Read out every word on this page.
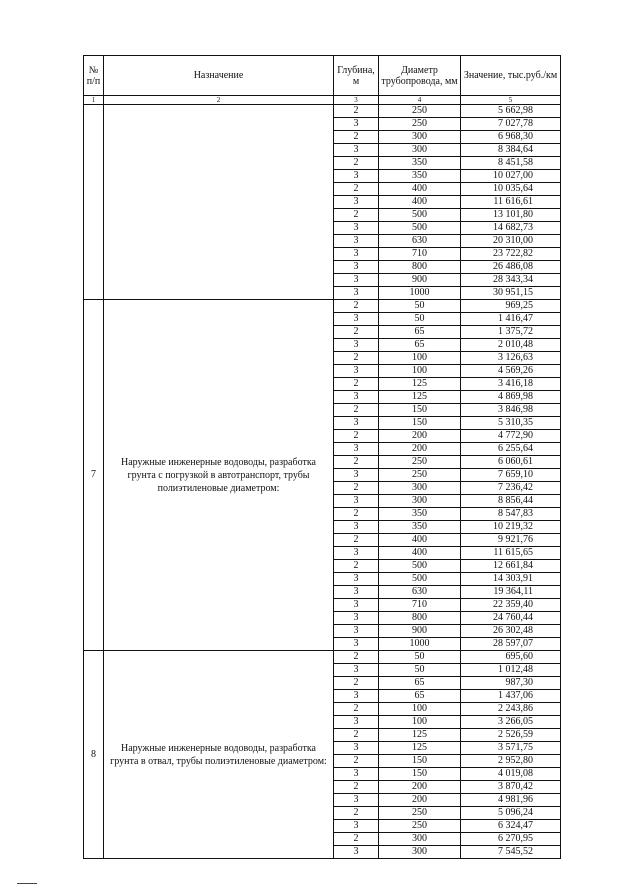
№ п/п	Назначение	Глубина, м	Диаметр трубопровода, мм	Значение, тыс.руб./км
1	2	3	4	5
		2	250	5 662,98
		3	250	7 027,78
		2	300	6 968,30
		3	300	8 384,64
		2	350	8 451,58
		3	350	10 027,00
		2	400	10 035,64
		3	400	11 616,61
		2	500	13 101,80
		3	500	14 682,73
		3	630	20 310,00
		3	710	23 722,82
		3	800	26 486,08
		3	900	28 343,34
		3	1000	30 951,15
7	Наружные инженерные водоводы, разработка грунта с погрузкой в автотранспорт, трубы полиэтиленовые диаметром:	2	50	969,25
		3	50	1 416,47
		2	65	1 375,72
		3	65	2 010,48
		2	100	3 126,63
		3	100	4 569,26
		2	125	3 416,18
		3	125	4 869,98
		2	150	3 846,98
		3	150	5 310,35
		2	200	4 772,90
		3	200	6 255,64
		2	250	6 060,61
		3	250	7 659,10
		2	300	7 236,42
		3	300	8 856,44
		2	350	8 547,83
		3	350	10 219,32
		2	400	9 921,76
		3	400	11 615,65
		2	500	12 661,84
		3	500	14 303,91
		3	630	19 364,11
		3	710	22 359,40
		3	800	24 760,44
		3	900	26 302,48
		3	1000	28 597,07
8	Наружные инженерные водоводы, разработка грунта в отвал, трубы полиэтиленовые диаметром:	2	50	695,60
		3	50	1 012,48
		2	65	987,30
		3	65	1 437,06
		2	100	2 243,86
		3	100	3 266,05
		2	125	2 526,59
		3	125	3 571,75
		2	150	2 952,80
		3	150	4 019,08
		2	200	3 870,42
		3	200	4 981,96
		2	250	5 096,24
		3	250	6 324,47
		2	300	6 270,95
		3	300	7 545,52
